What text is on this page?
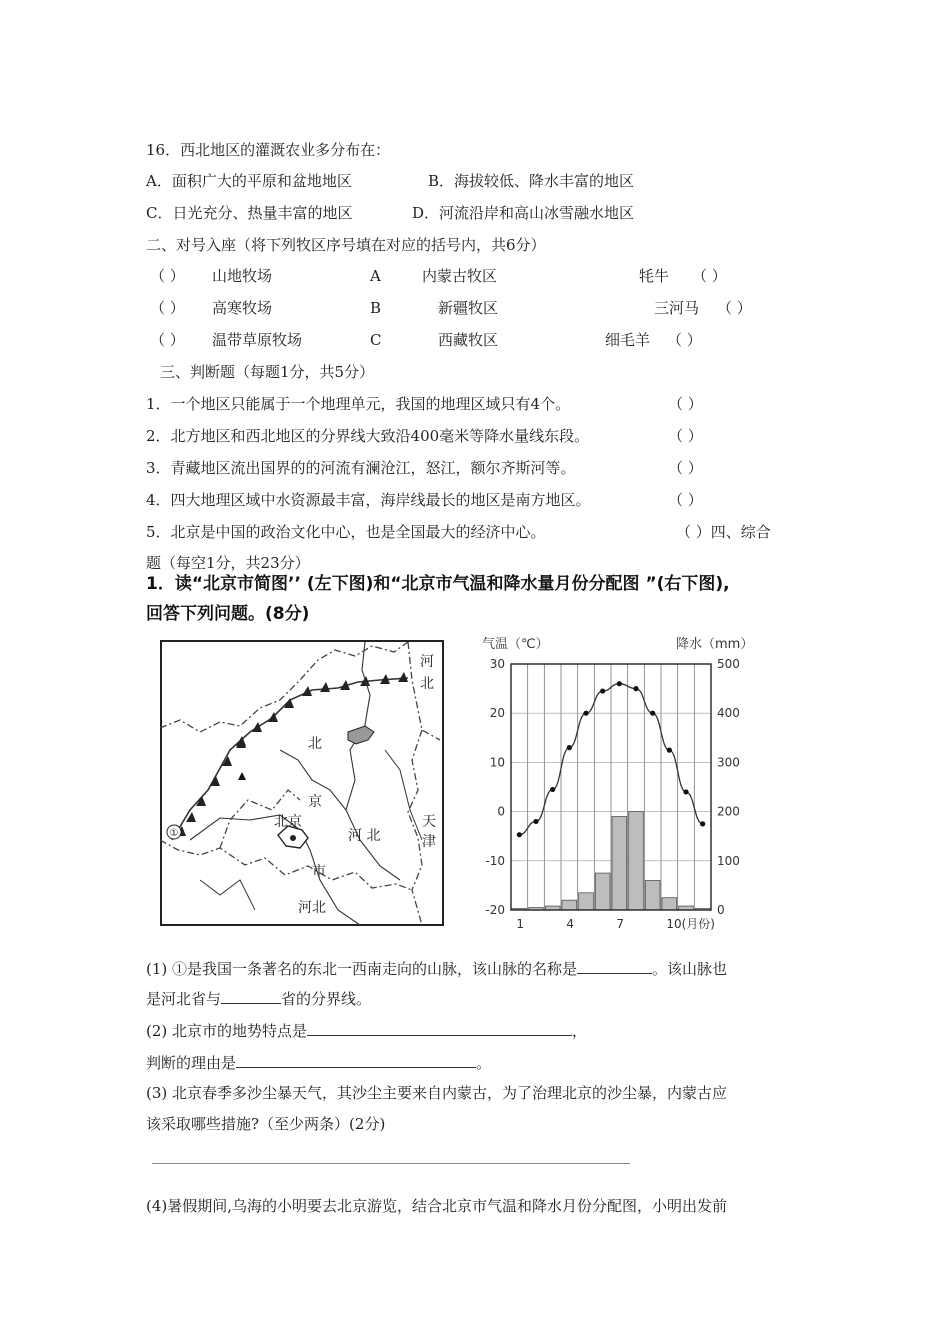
16．西北地区的灌溉农业多分布在：
A．面积广大的平原和盆地地区	B．海拔较低、降水丰富的地区
C．日光充分、热量丰富的地区	D．河流沿岸和高山冰雪融水地区
二、对号入座（将下列牧区序号填在对应的括号内，共6分）
（ ） 山地牧场	A	内蒙古牧区	牦牛 （ ）
（ ） 高寒牧场	B	新疆牧区	三河马 （ ）
（ ） 温带草原牧场	C	西藏牧区	细毛羊 （ ）
三、判断题（每题1分，共5分）
1．一个地区只能属于一个地理单元，我国的地理区域只有4个。	（ ）
2．北方地区和西北地区的分界线大致沿400毫米等降水量线东段。	（ ）
3．青藏地区流出国界的的河流有澜沧江，怒江，额尔齐斯河等。	（ ）
4．四大地理区域中水资源最丰富，海岸线最长的地区是南方地区。	（ ）
5．北京是中国的政治文化中心，也是全国最大的经济中心。	（ ）四、综合
题（每空1分，共23分）
1．读“北京市简图’’ (左下图)和“北京市气温和降水量月份分配图 ”(右下图),
回答下列问题。(8分)
①
河
北
北
京
北京
市
河 北
天
津
河北
气温（℃）	降水（mm）
30
20
10
0
-10
-20
500
400
300
200
100
0
1	4	7	10(月份)
(1) ①是我国一条著名的东北一西南走向的山脉，该山脉的名称是	。该山脉也
是河北省与	省的分界线。
(2) 北京市的地势特点是	，
判断的理由是	。
(3) 北京春季多沙尘暴天气，其沙尘主要来自内蒙古，为了治理北京的沙尘暴，内蒙古应
该采取哪些措施?（至少两条）(2分)
(4)暑假期间,乌海的小明要去北京游览，结合北京市气温和降水月份分配图，小明出发前
